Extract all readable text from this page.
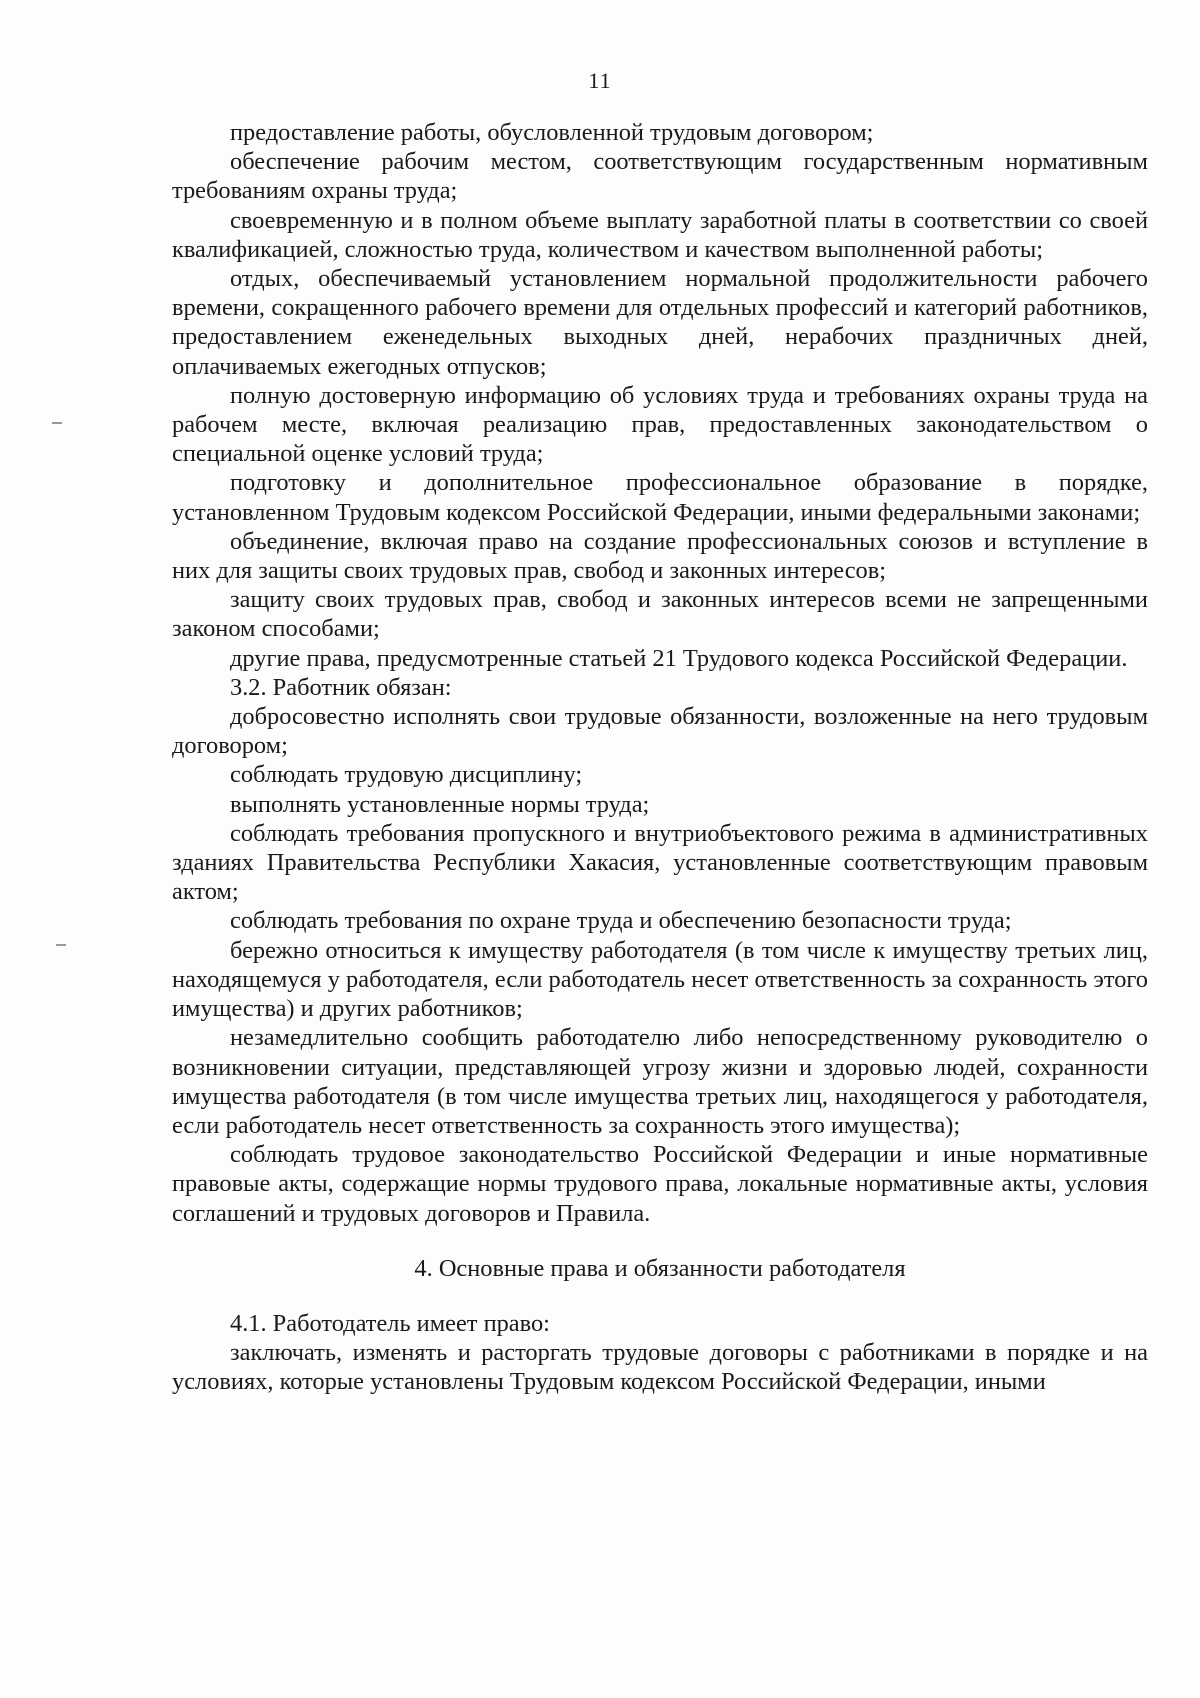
11

предоставление работы, обусловленной трудовым договором;

обеспечение рабочим местом, соответствующим государственным нормативным требованиям охраны труда;

своевременную и в полном объеме выплату заработной платы в соответствии со своей квалификацией, сложностью труда, количеством и качеством выполненной работы;

отдых, обеспечиваемый установлением нормальной продолжительности рабочего времени, сокращенного рабочего времени для отдельных профессий и категорий работников, предоставлением еженедельных выходных дней, нерабочих праздничных дней, оплачиваемых ежегодных отпусков;

полную достоверную информацию об условиях труда и требованиях охраны труда на рабочем месте, включая реализацию прав, предоставленных законодательством о специальной оценке условий труда;

подготовку и дополнительное профессиональное образование в порядке, установленном Трудовым кодексом Российской Федерации, иными федеральными законами;

объединение, включая право на создание профессиональных союзов и вступление в них для защиты своих трудовых прав, свобод и законных интересов;

защиту своих трудовых прав, свобод и законных интересов всеми не запрещенными законом способами;

другие права, предусмотренные статьей 21 Трудового кодекса Российской Федерации.

3.2. Работник обязан:

добросовестно исполнять свои трудовые обязанности, возложенные на него трудовым договором;

соблюдать трудовую дисциплину;

выполнять установленные нормы труда;

соблюдать требования пропускного и внутриобъектового режима в административных зданиях Правительства Республики Хакасия, установленные соответствующим правовым актом;

соблюдать требования по охране труда и обеспечению безопасности труда;

бережно относиться к имуществу работодателя (в том числе к имуществу третьих лиц, находящемуся у работодателя, если работодатель несет ответственность за сохранность этого имущества) и других работников;

незамедлительно сообщить работодателю либо непосредственному руководителю о возникновении ситуации, представляющей угрозу жизни и здоровью людей, сохранности имущества работодателя (в том числе имущества третьих лиц, находящегося у работодателя, если работодатель несет ответственность за сохранность этого имущества);

соблюдать трудовое законодательство Российской Федерации и иные нормативные правовые акты, содержащие нормы трудового права, локальные нормативные акты, условия соглашений и трудовых договоров и Правила.

4. Основные права и обязанности работодателя

4.1. Работодатель имеет право:

заключать, изменять и расторгать трудовые договоры с работниками в порядке и на условиях, которые установлены Трудовым кодексом Российской Федерации, иными
